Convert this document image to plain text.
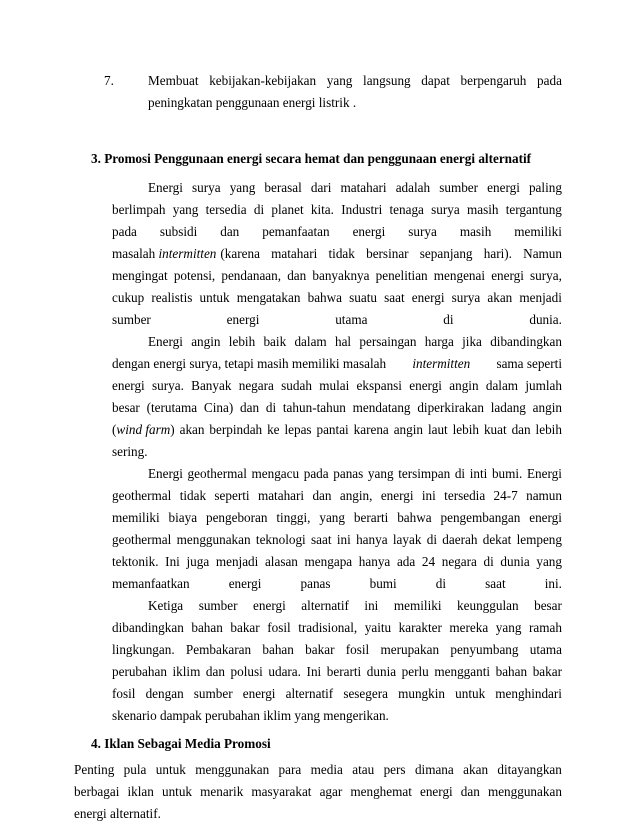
7.	Membuat kebijakan-kebijakan yang langsung dapat berpengaruh pada
peningkatan penggunaan energi listrik .
3. Promosi Penggunaan energi secara hemat dan penggunaan energi alternatif
Energi surya yang berasal dari matahari adalah sumber energi paling
berlimpah yang tersedia di planet kita. Industri tenaga surya masih tergantung
pada subsidi dan pemanfaatan energi surya masih memiliki
masalah intermitten (karena matahari tidak bersinar sepanjang hari). Namun
mengingat potensi, pendanaan, dan banyaknya penelitian mengenai energi surya,
cukup realistis untuk mengatakan bahwa suatu saat energi surya akan menjadi
sumber	energi	utama	di	dunia.
Energi angin lebih baik dalam hal persaingan harga jika dibandingkan
dengan energi surya, tetapi masih memiliki masalah intermitten sama seperti
energi surya. Banyak negara sudah mulai ekspansi energi angin dalam jumlah
besar (terutama Cina) dan di tahun-tahun mendatang diperkirakan ladang angin
( wind farm ) akan berpindah ke lepas pantai karena angin laut lebih kuat dan lebih
sering.
Energi geothermal mengacu pada panas yang tersimpan di inti bumi. Energi
geothermal tidak seperti matahari dan angin, energi ini tersedia 24-7 namun
memiliki biaya pengeboran tinggi, yang berarti bahwa pengembangan energi
geothermal menggunakan teknologi saat ini hanya layak di daerah dekat lempeng
tektonik. Ini juga menjadi alasan mengapa hanya ada 24 negara di dunia yang
memanfaatkan	energi	panas	bumi	di	saat	ini.
Ketiga sumber energi alternatif ini memiliki keunggulan besar
dibandingkan bahan bakar fosil tradisional, yaitu karakter mereka yang ramah
lingkungan. Pembakaran bahan bakar fosil merupakan penyumbang utama
perubahan iklim dan polusi udara. Ini berarti dunia perlu mengganti bahan bakar
fosil dengan sumber energi alternatif sesegera mungkin untuk menghindari
skenario dampak perubahan iklim yang mengerikan.
4. Iklan Sebagai Media Promosi
Penting pula untuk menggunakan para media atau pers dimana akan ditayangkan
berbagai iklan untuk menarik masyarakat agar menghemat energi dan menggunakan
energi alternatif.
